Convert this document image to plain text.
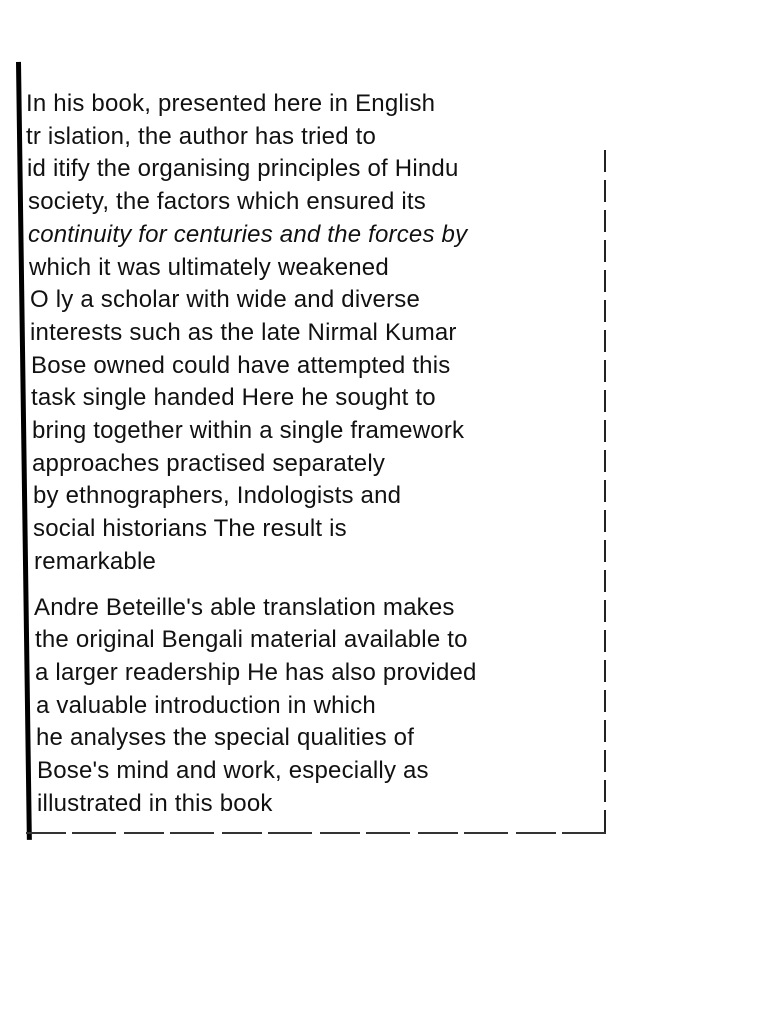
In his book, presented here in English
tr islation, the author has tried to
id itify the organising principles of Hindu
society, the factors which ensured its
continuity for centuries and the forces by
which it was ultimately weakened
O ly a scholar with wide and diverse
interests such as the late Nirmal Kumar
Bose owned could have attempted this
task single handed Here he sought to
bring together within a single framework
approaches practised separately
by ethnographers, Indologists and
social historians The result is
remarkable

Andre Beteille's able translation makes
the original Bengali material available to
a larger readership He has also provided
a valuable introduction in which
he analyses the special qualities of
Bose's mind and work, especially as
illustrated in this book
